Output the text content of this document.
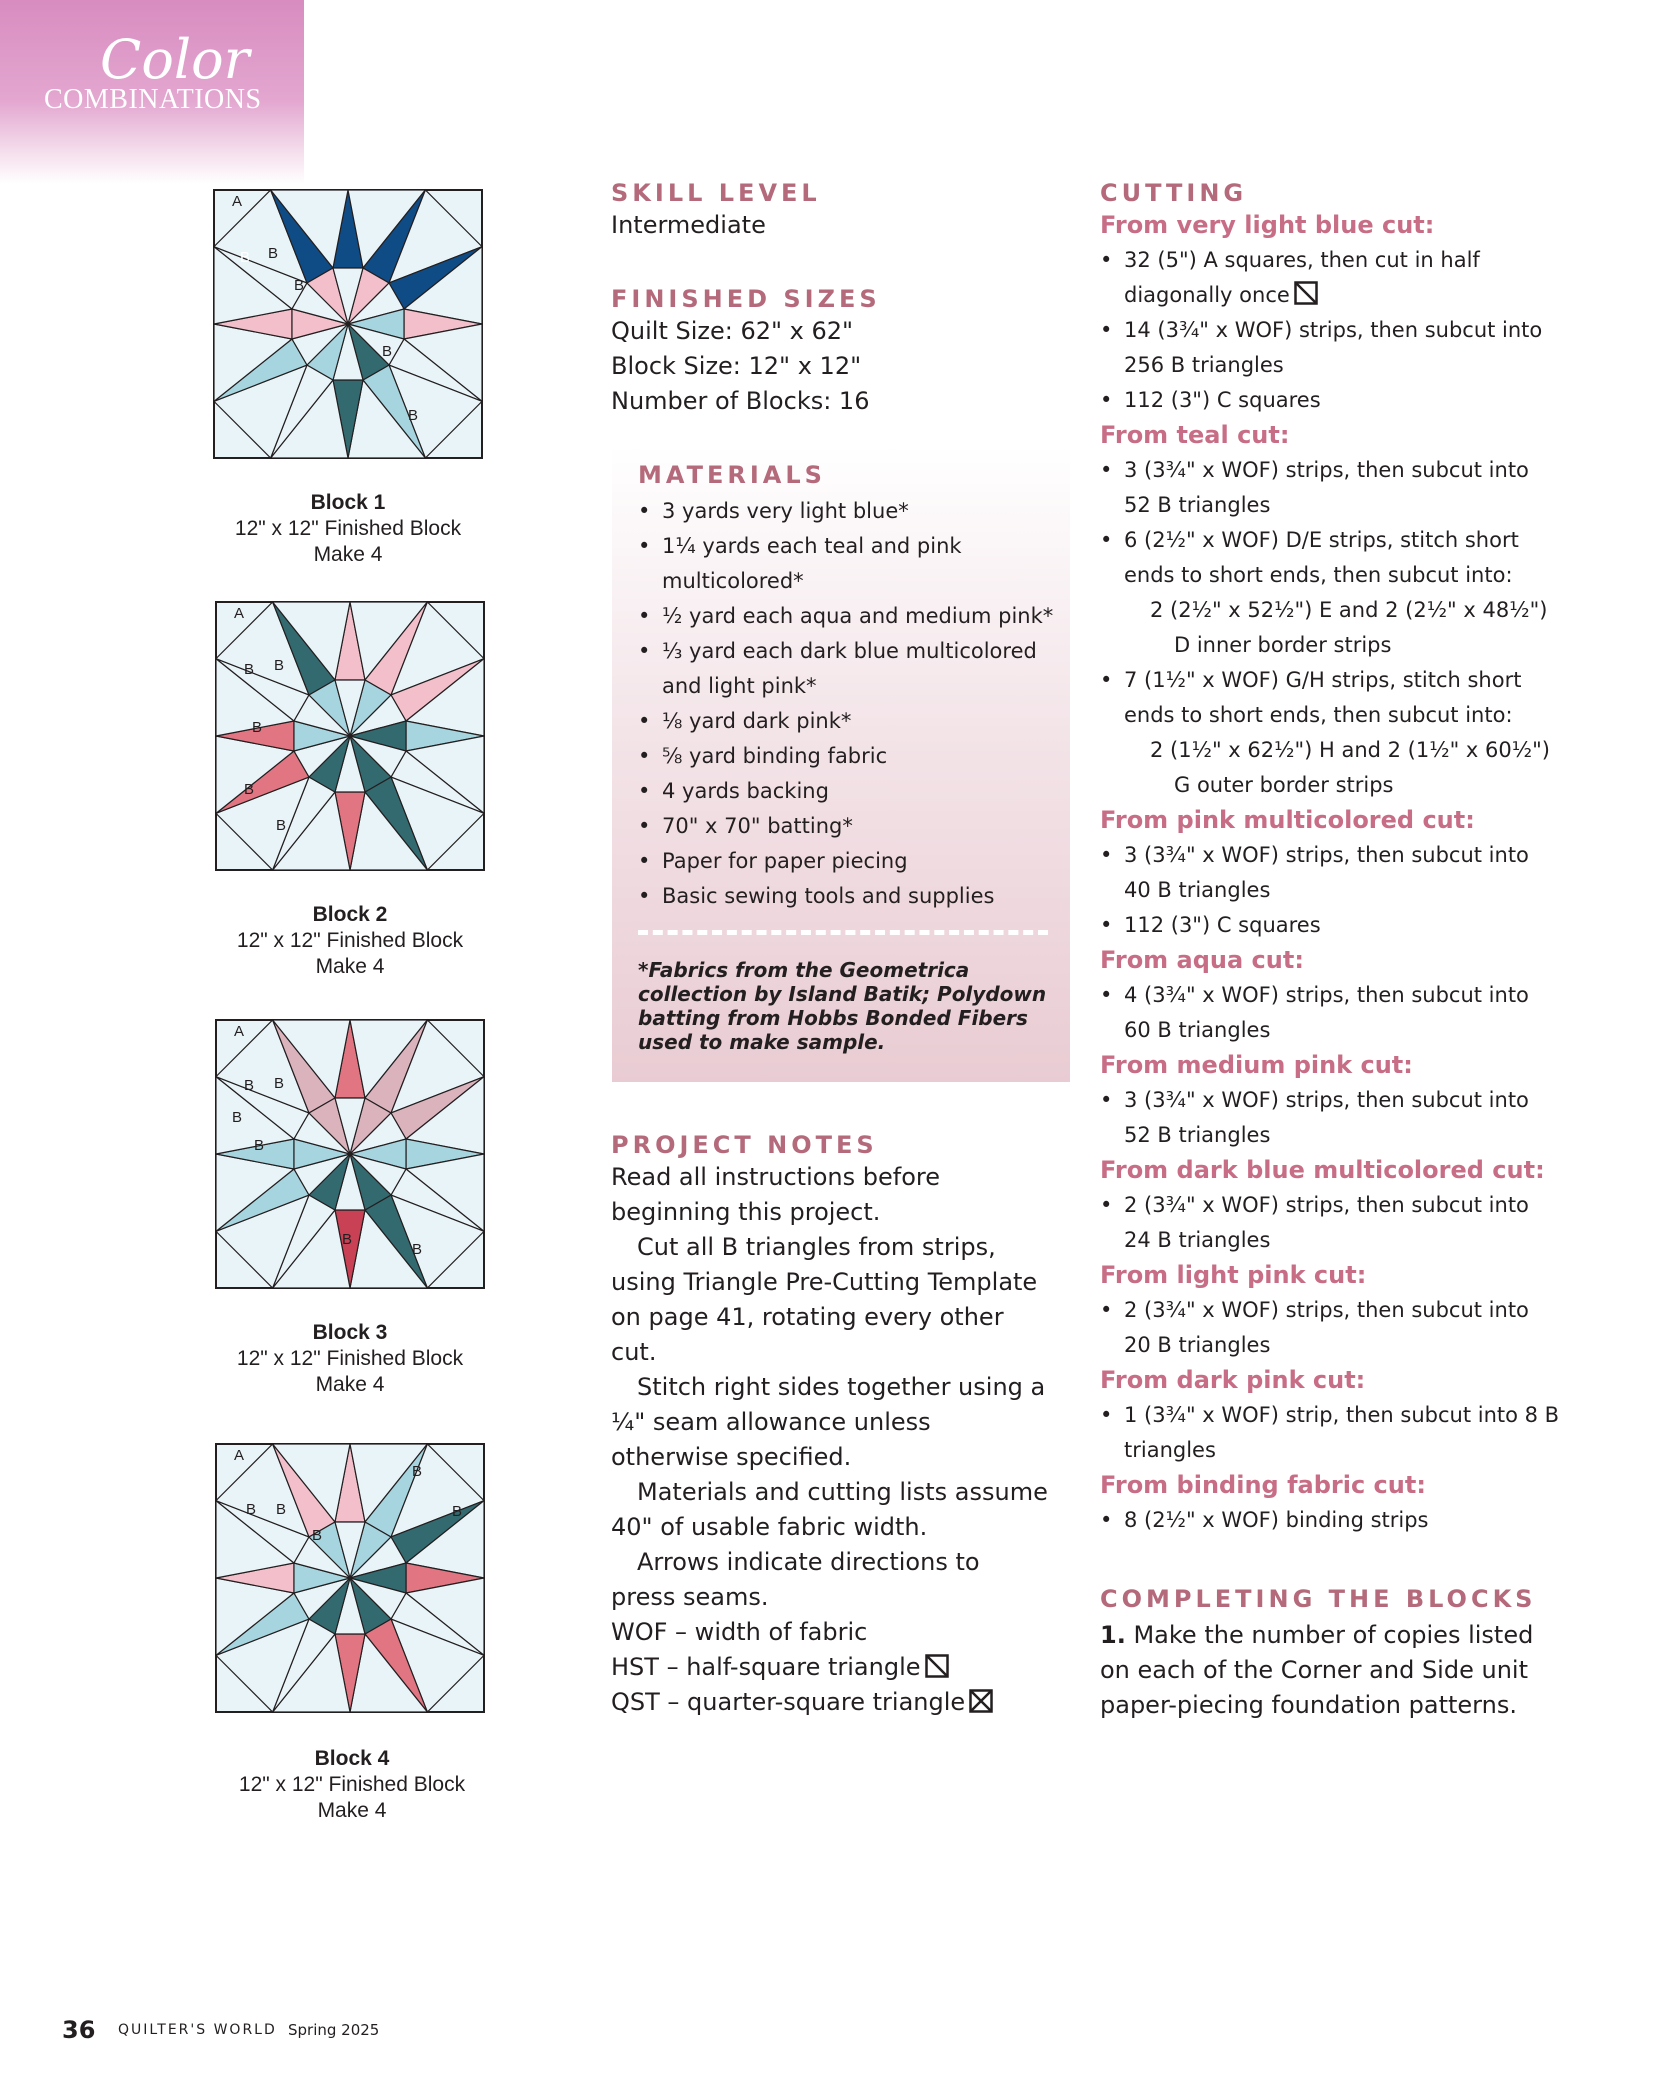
Color
COMBINATIONS
A
B B
B
B
B
Block 1
12" x 12" Finished Block
Make 4
A
B B
B
B
B
Block 2
12" x 12" Finished Block
Make 4
A
B B
B
B
B
B
Block 3
12" x 12" Finished Block
Make 4
A
B B
B
B
B
Block 4
12" x 12" Finished Block
Make 4

SKILL LEVEL

Intermediate

FINISHED SIZES

Quilt Size: 62" x 62"

Block Size: 12" x 12"

Number of Blocks: 16

MATERIALS

• 3 yards very light blue*
• 1¼ yards each teal and pink multicolored*
• ½ yard each aqua and medium pink*
• ⅓ yard each dark blue multicolored and light pink*
• ⅛ yard dark pink*
• ⅝ yard binding fabric
• 4 yards backing
• 70" x 70" batting*
• Paper for paper piecing
• Basic sewing tools and supplies
*Fabrics from the Geometrica collection by Island Batik; Polydown batting from Hobbs Bonded Fibers used to make sample.

PROJECT NOTES

Read all instructions before beginning this project.

Cut all B triangles from strips, using Triangle Pre-Cutting Template on page 41, rotating every other cut.

Stitch right sides together using a ¼" seam allowance unless otherwise specified.

Materials and cutting lists assume 40" of usable fabric width.

Arrows indicate directions to press seams.

WOF – width of fabric

HST – half-square triangle

QST – quarter-square triangle

CUTTING

From very light blue cut:

• 32 (5") A squares, then cut in half diagonally once
• 14 (3¾" x WOF) strips, then subcut into 256 B triangles
• 112 (3") C squares

From teal cut:

• 3 (3¾" x WOF) strips, then subcut into 52 B triangles
• 6 (2½" x WOF) D/E strips, stitch short ends to short ends, then subcut into:
2 (2½" x 52½") E and 2 (2½" x 48½")
D inner border strips
• 7 (1½" x WOF) G/H strips, stitch short ends to short ends, then subcut into:
2 (1½" x 62½") H and 2 (1½" x 60½")
G outer border strips

From pink multicolored cut:

• 3 (3¾" x WOF) strips, then subcut into 40 B triangles
• 112 (3") C squares

From aqua cut:

• 4 (3¾" x WOF) strips, then subcut into 60 B triangles

From medium pink cut:

• 3 (3¾" x WOF) strips, then subcut into 52 B triangles

From dark blue multicolored cut:

• 2 (3¾" x WOF) strips, then subcut into 24 B triangles

From light pink cut:

• 2 (3¾" x WOF) strips, then subcut into 20 B triangles

From dark pink cut:

• 1 (3¾" x WOF) strip, then subcut into 8 B triangles

From binding fabric cut:

• 8 (2½" x WOF) binding strips

COMPLETING THE BLOCKS

1. Make the number of copies listed on each of the Corner and Side unit paper-piecing foundation patterns.

36 QUILTER'S WORLD Spring 2025
